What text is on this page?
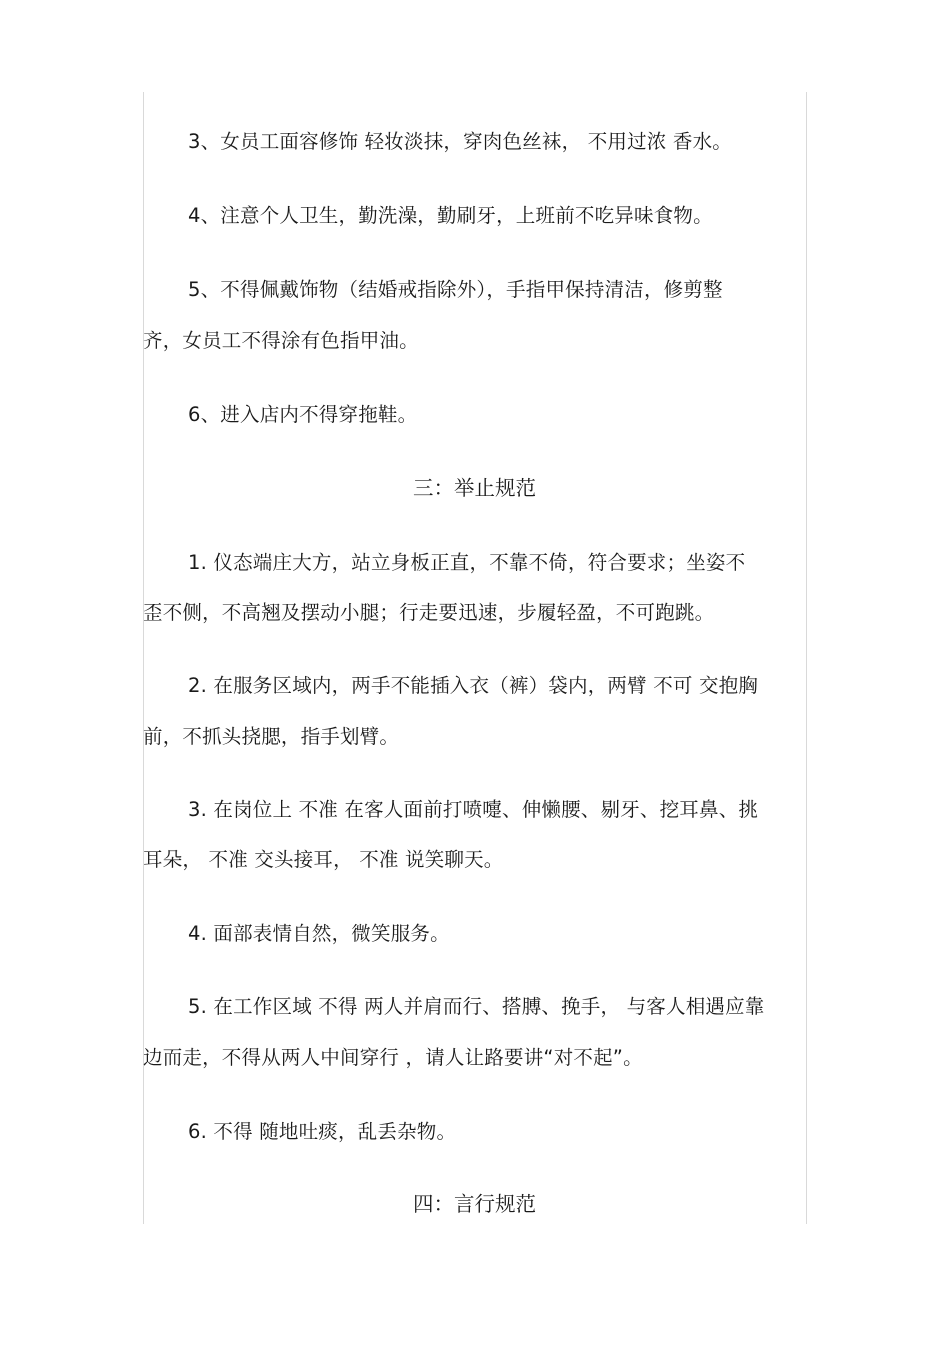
3、女员工面容修饰 轻妆淡抹，穿肉色丝袜， 不用过浓 香水。
4、注意个人卫生，勤洗澡，勤刷牙，上班前不吃异味食物。
5、不得佩戴饰物（结婚戒指除外），手指甲保持清洁，修剪整
齐，女员工不得涂有色指甲油。
6、进入店内不得穿拖鞋。
三：举止规范
1. 仪态端庄大方，站立身板正直，不靠不倚，符合要求；坐姿不
歪不侧，不高翘及摆动小腿；行走要迅速，步履轻盈，不可跑跳。
2. 在服务区域内，两手不能插入衣（裤）袋内，两臂 不可 交抱胸
前，不抓头挠腮，指手划臂。
3. 在岗位上 不准 在客人面前打喷嚏、伸懒腰、剔牙、挖耳鼻、挑
耳朵， 不准 交头接耳， 不准 说笑聊天。
4. 面部表情自然，微笑服务。
5. 在工作区域 不得 两人并肩而行、搭膊、挽手， 与客人相遇应靠
边而走，不得从两人中间穿行 ，请人让路要讲“对不起”。
6. 不得 随地吐痰，乱丢杂物。
四：言行规范
